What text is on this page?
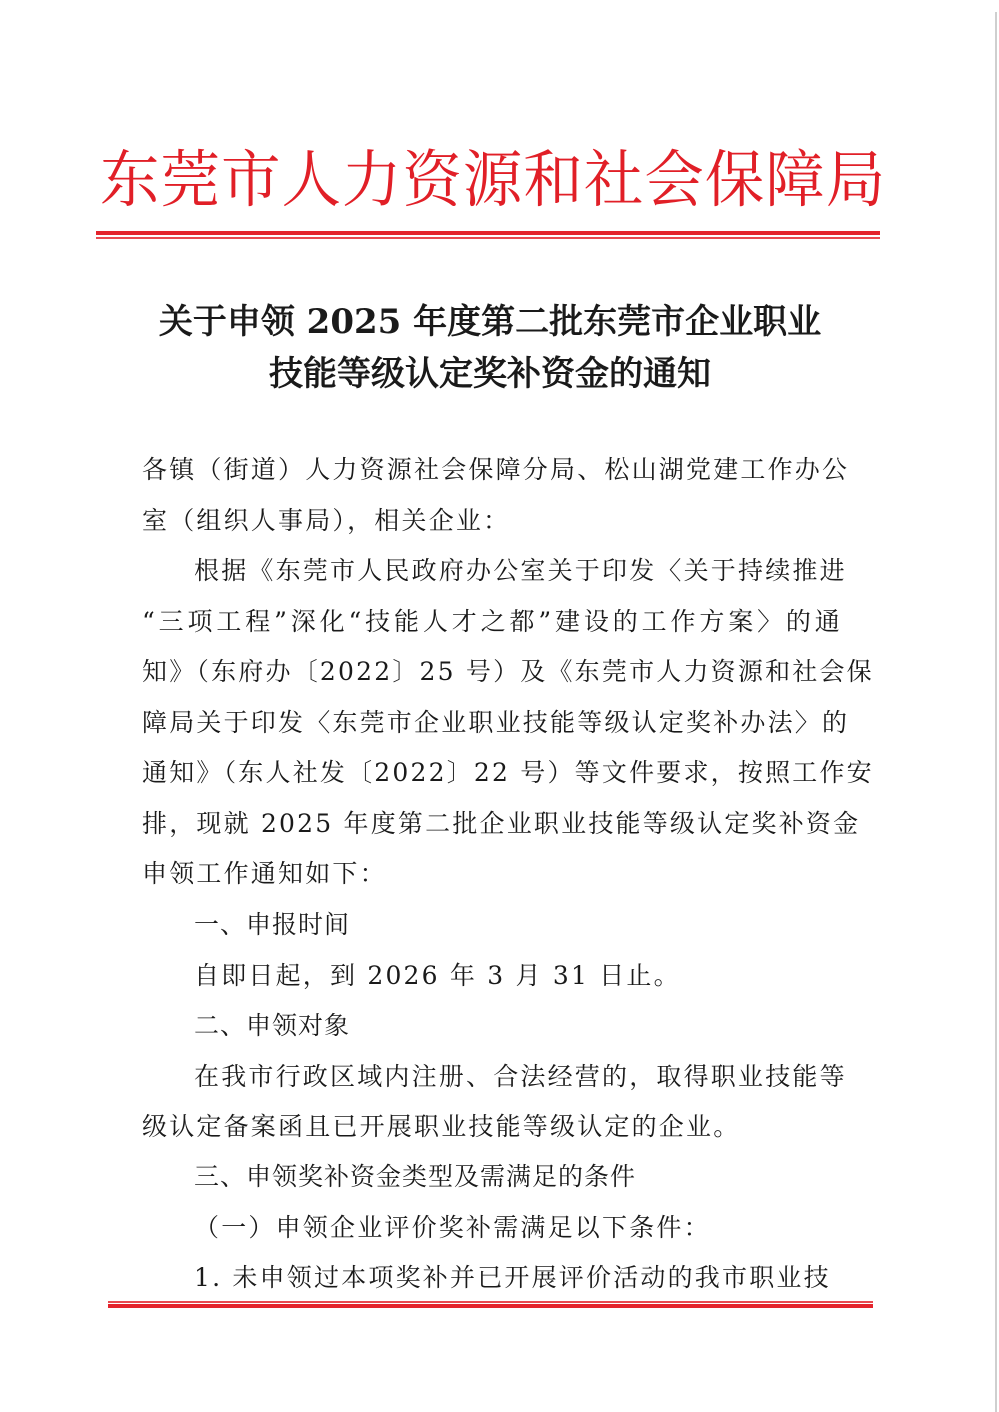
东莞市人力资源和社会保障局
关于申领 2025 年度第二批东莞市企业职业
技能等级认定奖补资金的通知
各镇（街道）人力资源社会保障分局、松山湖党建工作办公
室（组织人事局），相关企业：
根据《东莞市人民政府办公室关于印发〈关于持续推进
“三项工程”深化“技能人才之都”建设的工作方案〉的通
知》（东府办〔2022〕25 号）及《东莞市人力资源和社会保
障局关于印发〈东莞市企业职业技能等级认定奖补办法〉的
通知》（东人社发〔2022〕22 号）等文件要求，按照工作安
排，现就 2025 年度第二批企业职业技能等级认定奖补资金
申领工作通知如下：
一、申报时间
自即日起，到 2026 年 3 月 31 日止。
二、申领对象
在我市行政区域内注册、合法经营的，取得职业技能等
级认定备案函且已开展职业技能等级认定的企业。
三、申领奖补资金类型及需满足的条件
（一）申领企业评价奖补需满足以下条件：
1. 未申领过本项奖补并已开展评价活动的我市职业技
